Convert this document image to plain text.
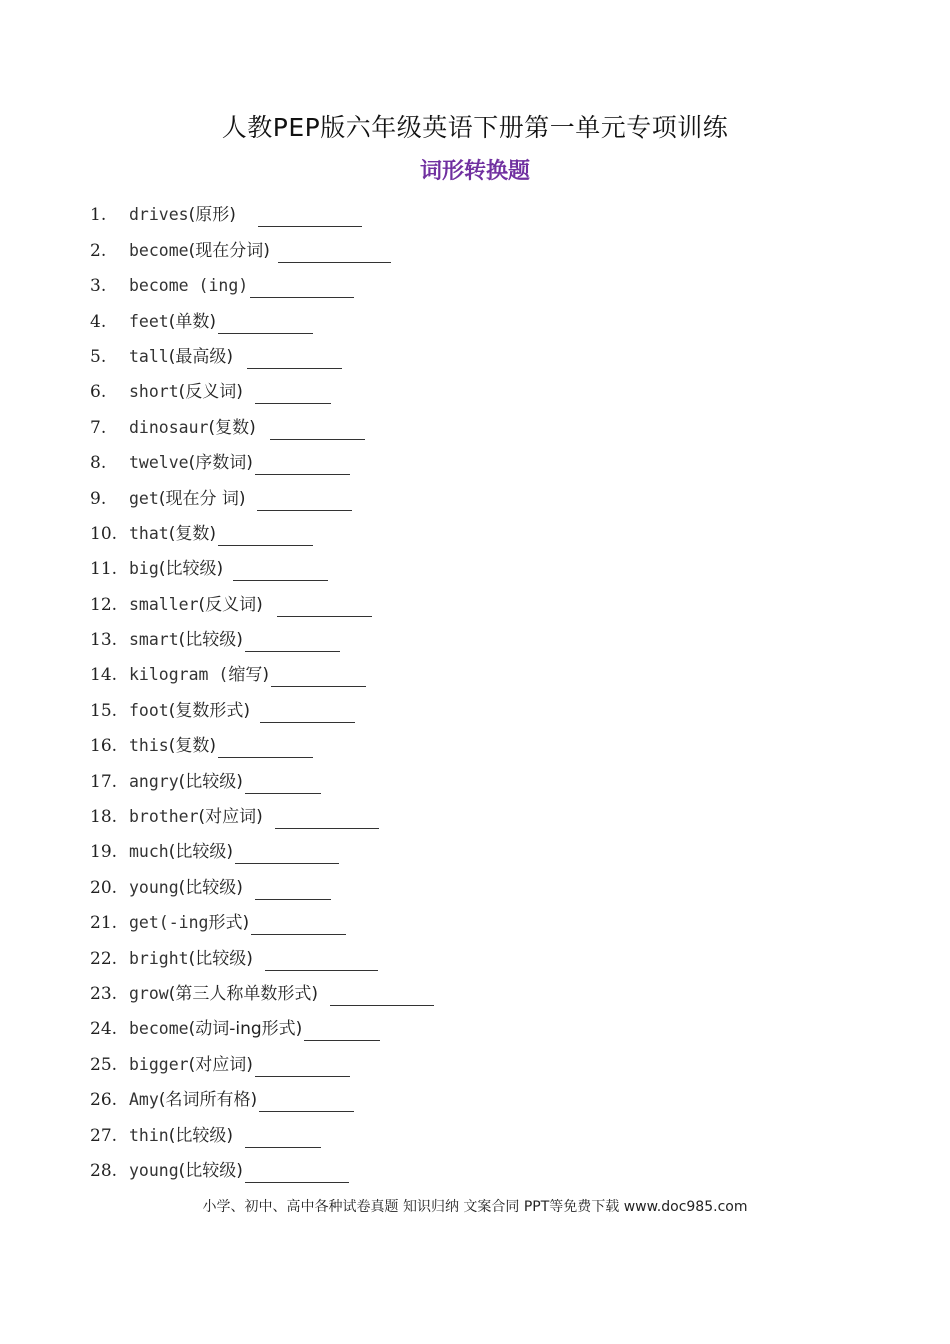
人教PEP版六年级英语下册第一单元专项训练
词形转换题
1.	drives (原形)
2.	become (现在分词)
3.	become (ing)
4.	feet (单数)
5.	tall (最高级)
6.	short (反义词)
7.	dinosaur (复数)
8.	twelve (序数词)
9.	get (现在分 词)
10. that (复数)
11. big (比较级)
12. smaller (反义词)
13. smart (比较级)
14. kilogram ( 缩写)
15. foot (复数形式)
16. this (复数)
17. angry (比较级)
18. brother (对应词)
19. much (比较级)
20. young (比较级)
21. get(-ing 形式)
22. bright (比较级)
23. grow (第三人称单数形式)
24. become (动词-ing形式)
25. bigger (对应词)
26. Amy (名词所有格)
27. thin (比较级)
28. young (比较级)
小学、初中、高中各种试卷真题 知识归纳 文案合同 PPT等免费下载 www.doc985.com
